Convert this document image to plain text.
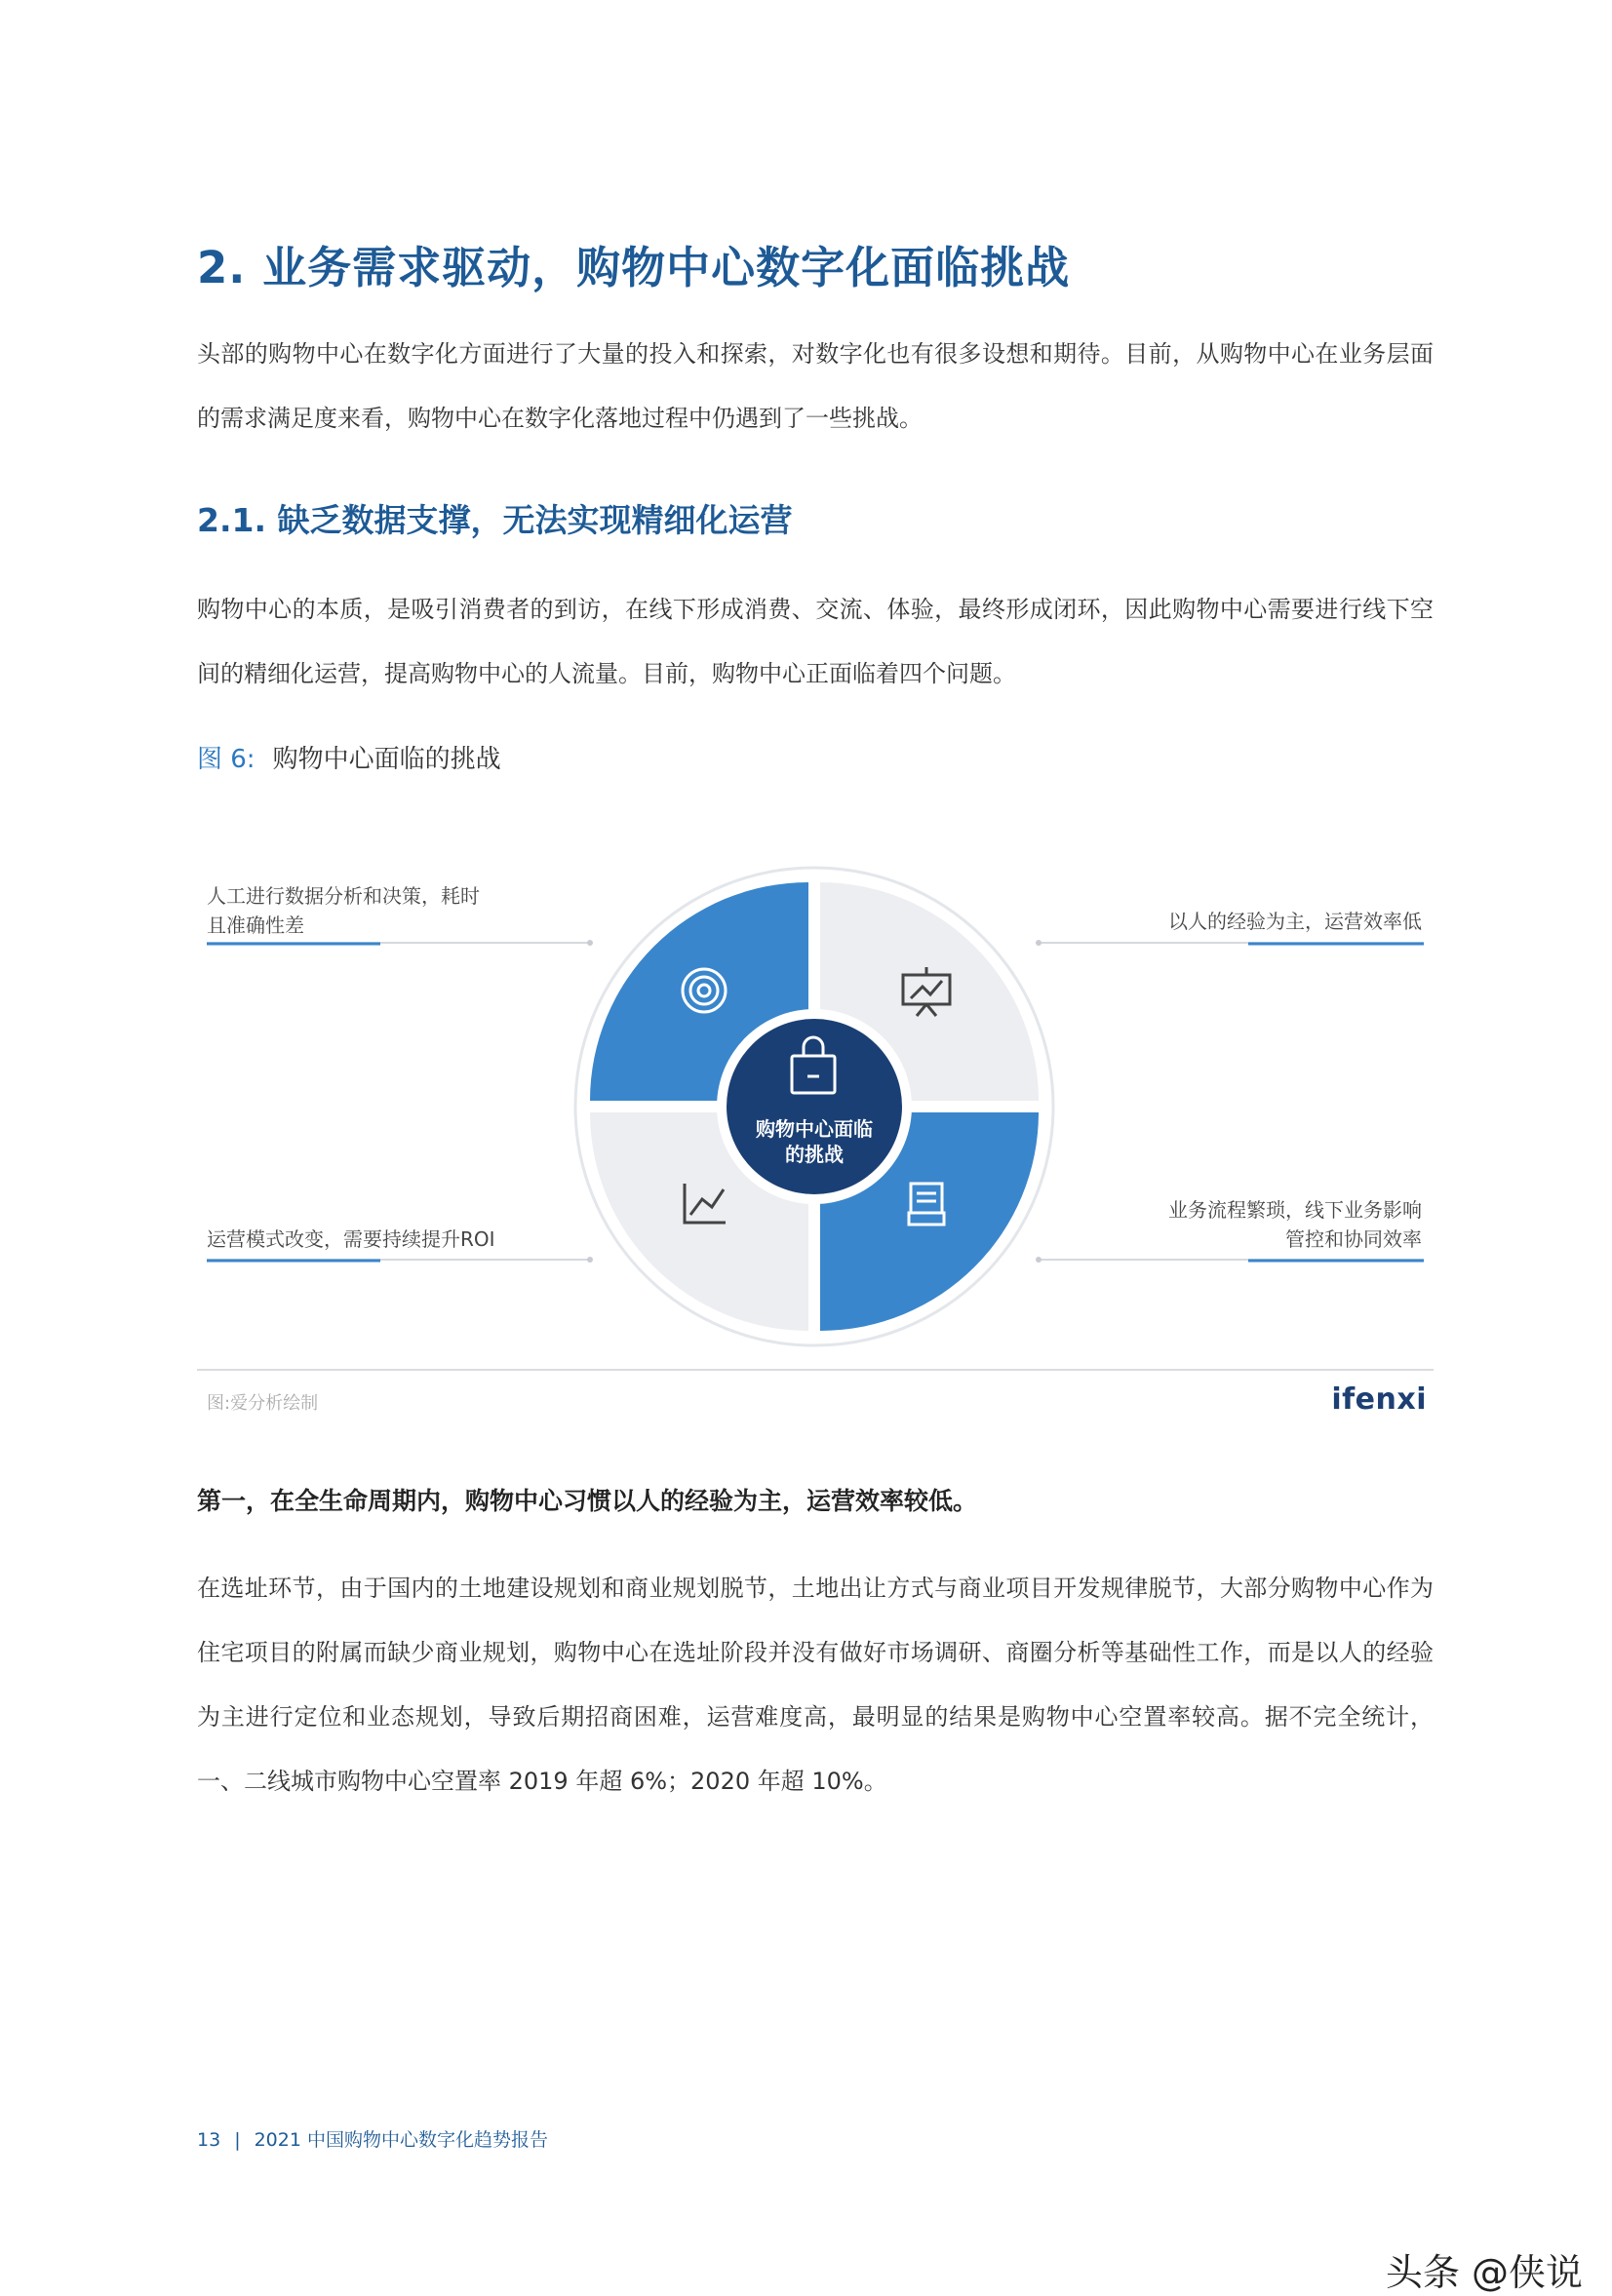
2. 业务需求驱动，购物中心数字化面临挑战
头部的购物中心在数字化方面进行了大量的投入和探索，对数字化也有很多设想和期待。目前，从购物中心在业务层面的需求满足度来看，购物中心在数字化落地过程中仍遇到了一些挑战。
2.1. 缺乏数据支撑，无法实现精细化运营
购物中心的本质，是吸引消费者的到访，在线下形成消费、交流、体验，最终形成闭环，因此购物中心需要进行线下空间的精细化运营，提高购物中心的人流量。目前，购物中心正面临着四个问题。
图 6: 购物中心面临的挑战
购物中心面临
的挑战
人工进行数据分析和决策，耗时
且准确性差	以人的经验为主，运营效率低
运营模式改变，需要持续提升ROI
业务流程繁琐，线下业务影响
管控和协同效率
图:爱分析绘制	ifenxi
第一，在全生命周期内，购物中心习惯以人的经验为主，运营效率较低。
在选址环节，由于国内的土地建设规划和商业规划脱节，土地出让方式与商业项目开发规律脱节，大部分购物中心作为住宅项目的附属而缺少商业规划，购物中心在选址阶段并没有做好市场调研、商圈分析等基础性工作，而是以人的经验为主进行定位和业态规划，导致后期招商困难，运营难度高，最明显的结果是购物中心空置率较高。据不完全统计，一、二线城市购物中心空置率 2019 年超 6%；2020 年超 10%。
13 | 2021 中国购物中心数字化趋势报告
头条 @侠说
